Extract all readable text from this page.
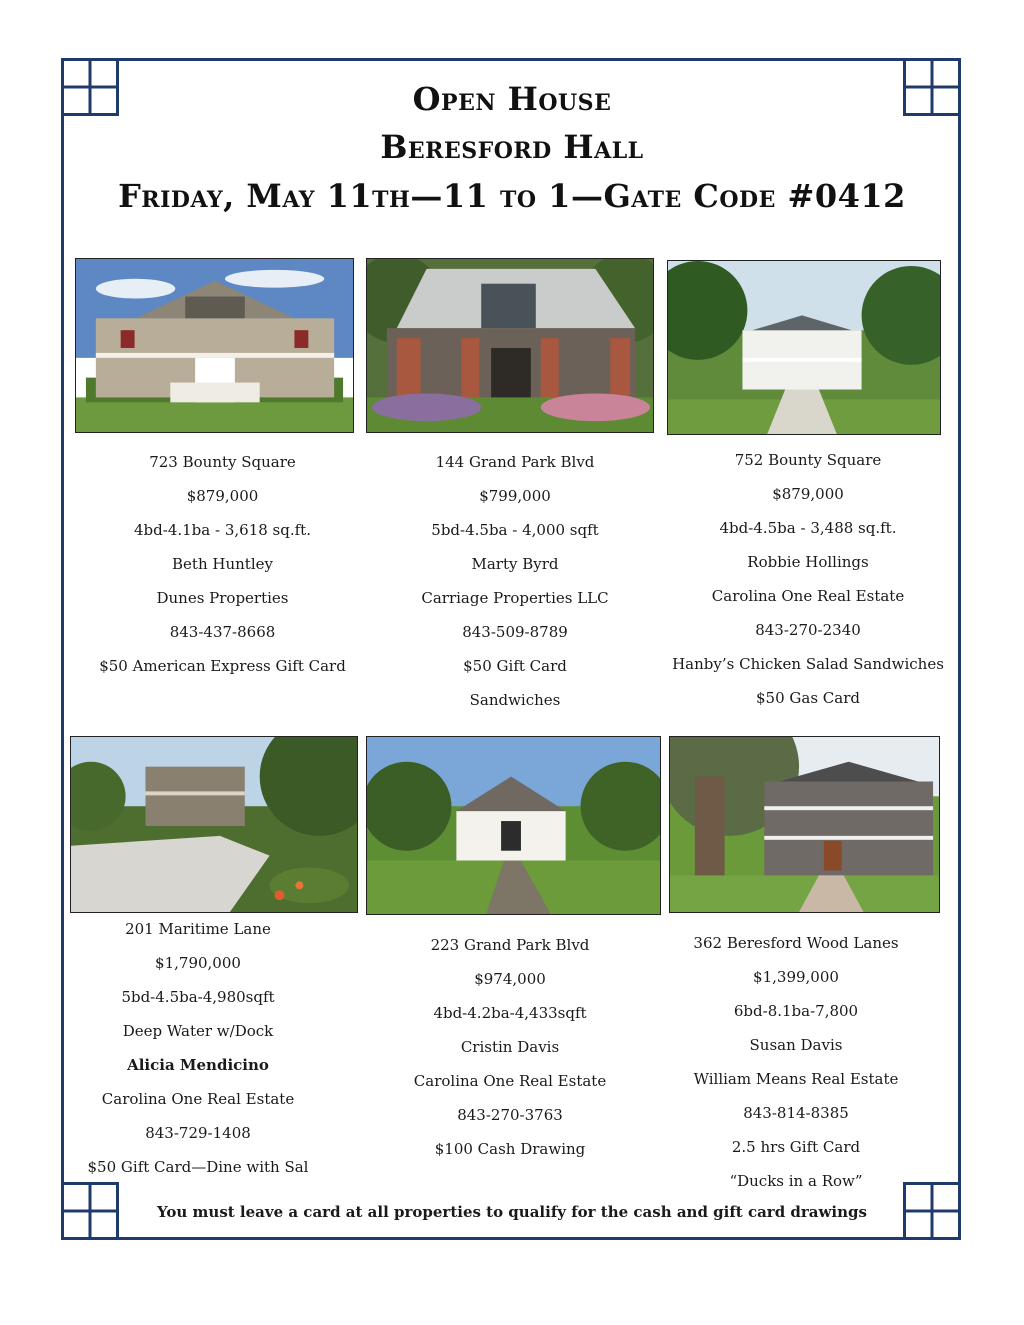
Open House
Beresford Hall
Friday, May 11th—11 to 1—Gate Code #0412
723 Bounty Square
$879,000
4bd-4.1ba - 3,618 sq.ft.
Beth Huntley
Dunes Properties
843-437-8668
$50 American Express Gift Card
144 Grand Park Blvd
$799,000
5bd-4.5ba - 4,000 sqft
Marty Byrd
Carriage Properties LLC
843-509-8789
$50 Gift Card
Sandwiches
752 Bounty Square
$879,000
4bd-4.5ba - 3,488 sq.ft.
Robbie Hollings
Carolina One Real Estate
843-270-2340
Hanby’s Chicken Salad Sandwiches
$50 Gas Card
201 Maritime Lane
$1,790,000
5bd-4.5ba-4,980sqft
Deep Water w/Dock
Alicia Mendicino
Carolina One Real Estate
843-729-1408
$50 Gift Card—Dine with Sal
223 Grand Park Blvd
$974,000
4bd-4.2ba-4,433sqft
Cristin Davis
Carolina One Real Estate
843-270-3763
$100 Cash Drawing
362 Beresford Wood Lanes
$1,399,000
6bd-8.1ba-7,800
Susan Davis
William Means Real Estate
843-814-8385
2.5 hrs Gift Card
“Ducks in a Row”
You must leave a card at all properties to qualify for the cash and gift card drawings
